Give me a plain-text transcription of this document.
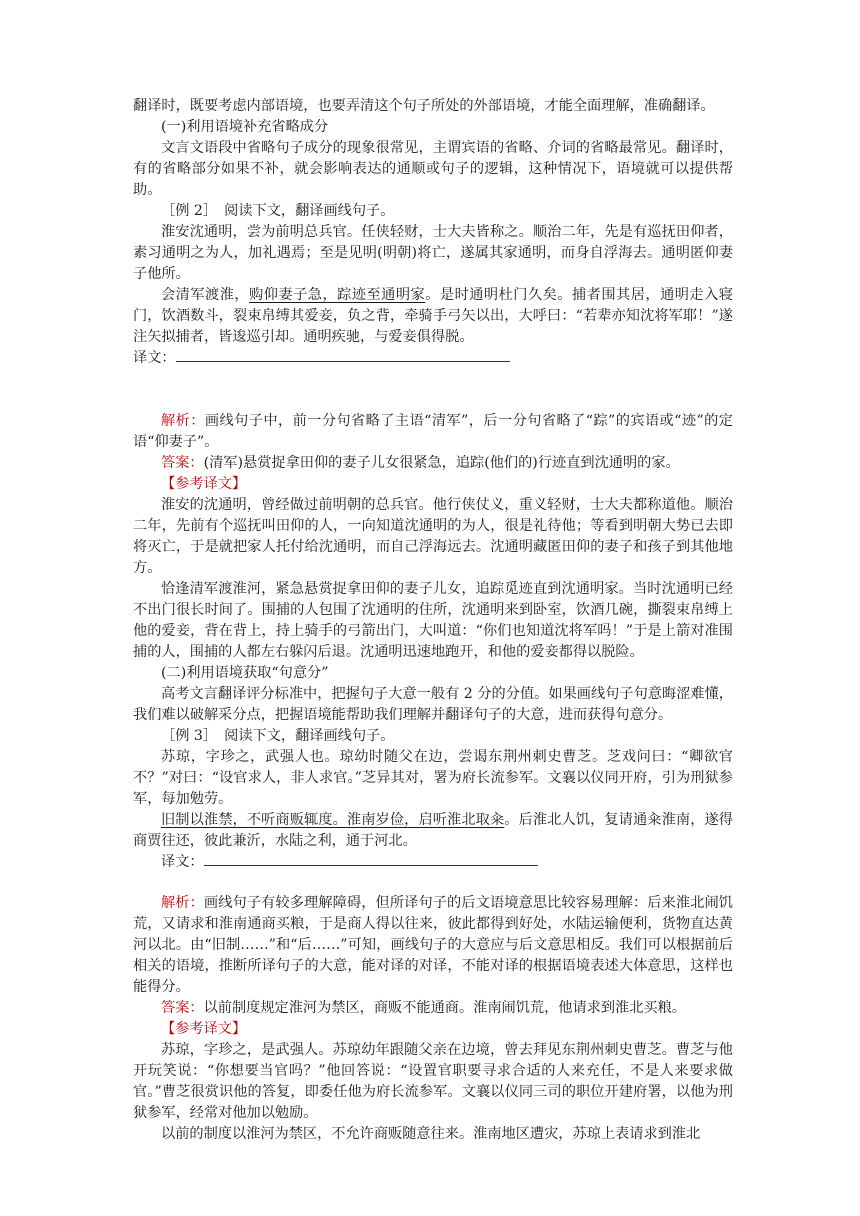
翻译时，既要考虑内部语境，也要弄清这个句子所处的外部语境，才能全面理解，准确翻译。

(一)利用语境补充省略成分

文言文语段中省略句子成分的现象很常见，主谓宾语的省略、介词的省略最常见。翻译时，有的省略部分如果不补，就会影响表达的通顺或句子的逻辑，这种情况下，语境就可以提供帮助。

［例 2］　阅读下文，翻译画线句子。

淮安沈通明，尝为前明总兵官。任侠轻财，士大夫皆称之。顺治二年，先是有巡抚田仰者，素习通明之为人，加礼遇焉；至是见明(明朝)将亡，遂属其家通明，而身自浮海去。通明匿仰妻子他所。

会清军渡淮，购仰妻子急，踪迹至通明家。是时通明杜门久矣。捕者围其居，通明走入寝门，饮酒数斗，裂束帛缚其爱妾，负之背，牵骑手弓矢以出，大呼曰：“若辈亦知沈将军耶！”遂注矢拟捕者，皆逡巡引却。通明疾驰，与爱妾俱得脱。

译文：

解析：画线句子中，前一分句省略了主语“清军”，后一分句省略了“踪”的宾语或“迹”的定语“仰妻子”。

答案：(清军)悬赏捉拿田仰的妻子儿女很紧急，追踪(他们的)行迹直到沈通明的家。

【参考译文】

淮安的沈通明，曾经做过前明朝的总兵官。他行侠仗义，重义轻财，士大夫都称道他。顺治二年，先前有个巡抚叫田仰的人，一向知道沈通明的为人，很是礼待他；等看到明朝大势已去即将灭亡，于是就把家人托付给沈通明，而自己浮海远去。沈通明藏匿田仰的妻子和孩子到其他地方。

恰逢清军渡淮河，紧急悬赏捉拿田仰的妻子儿女，追踪觅迹直到沈通明家。当时沈通明已经不出门很长时间了。围捕的人包围了沈通明的住所，沈通明来到卧室，饮酒几碗，撕裂束帛缚上他的爱妾，背在背上，持上骑手的弓箭出门，大叫道：“你们也知道沈将军吗！”于是上箭对准围捕的人，围捕的人都左右躲闪后退。沈通明迅速地跑开，和他的爱妾都得以脱险。

(二)利用语境获取“句意分”

高考文言翻译评分标准中，把握句子大意一般有 2 分的分值。如果画线句子句意晦涩难懂，我们难以破解采分点，把握语境能帮助我们理解并翻译句子的大意，进而获得句意分。

［例 3］　阅读下文，翻译画线句子。

苏琼，字珍之，武强人也。琼幼时随父在边，尝谒东荆州刺史曹芝。芝戏问曰：“卿欲官不？”对曰：“设官求人，非人求官。”芝异其对，署为府长流参军。文襄以仪同开府，引为刑狱参军，每加勉劳。

旧制以淮禁，不听商贩辄度。淮南岁俭，启听淮北取籴。后淮北人饥，复请通籴淮南，遂得商贾往还，彼此兼沂，水陆之利，通于河北。

译文：

解析：画线句子有较多理解障碍，但所译句子的后文语境意思比较容易理解：后来淮北闹饥荒，又请求和淮南通商买粮，于是商人得以往来，彼此都得到好处，水陆运输便利，货物直达黄河以北。由“旧制……”和“后……”可知，画线句子的大意应与后文意思相反。我们可以根据前后相关的语境，推断所译句子的大意，能对译的对译，不能对译的根据语境表述大体意思，这样也能得分。

答案：以前制度规定淮河为禁区，商贩不能通商。淮南闹饥荒，他请求到淮北买粮。

【参考译文】

苏琼，字珍之，是武强人。苏琼幼年跟随父亲在边境，曾去拜见东荆州刺史曹芝。曹芝与他开玩笑说：“你想要当官吗？”他回答说：“设置官职要寻求合适的人来充任，不是人来要求做官。”曹芝很赏识他的答复，即委任他为府长流参军。文襄以仪同三司的职位开建府署，以他为刑狱参军，经常对他加以勉励。

以前的制度以淮河为禁区，不允许商贩随意往来。淮南地区遭灾，苏琼上表请求到淮北
